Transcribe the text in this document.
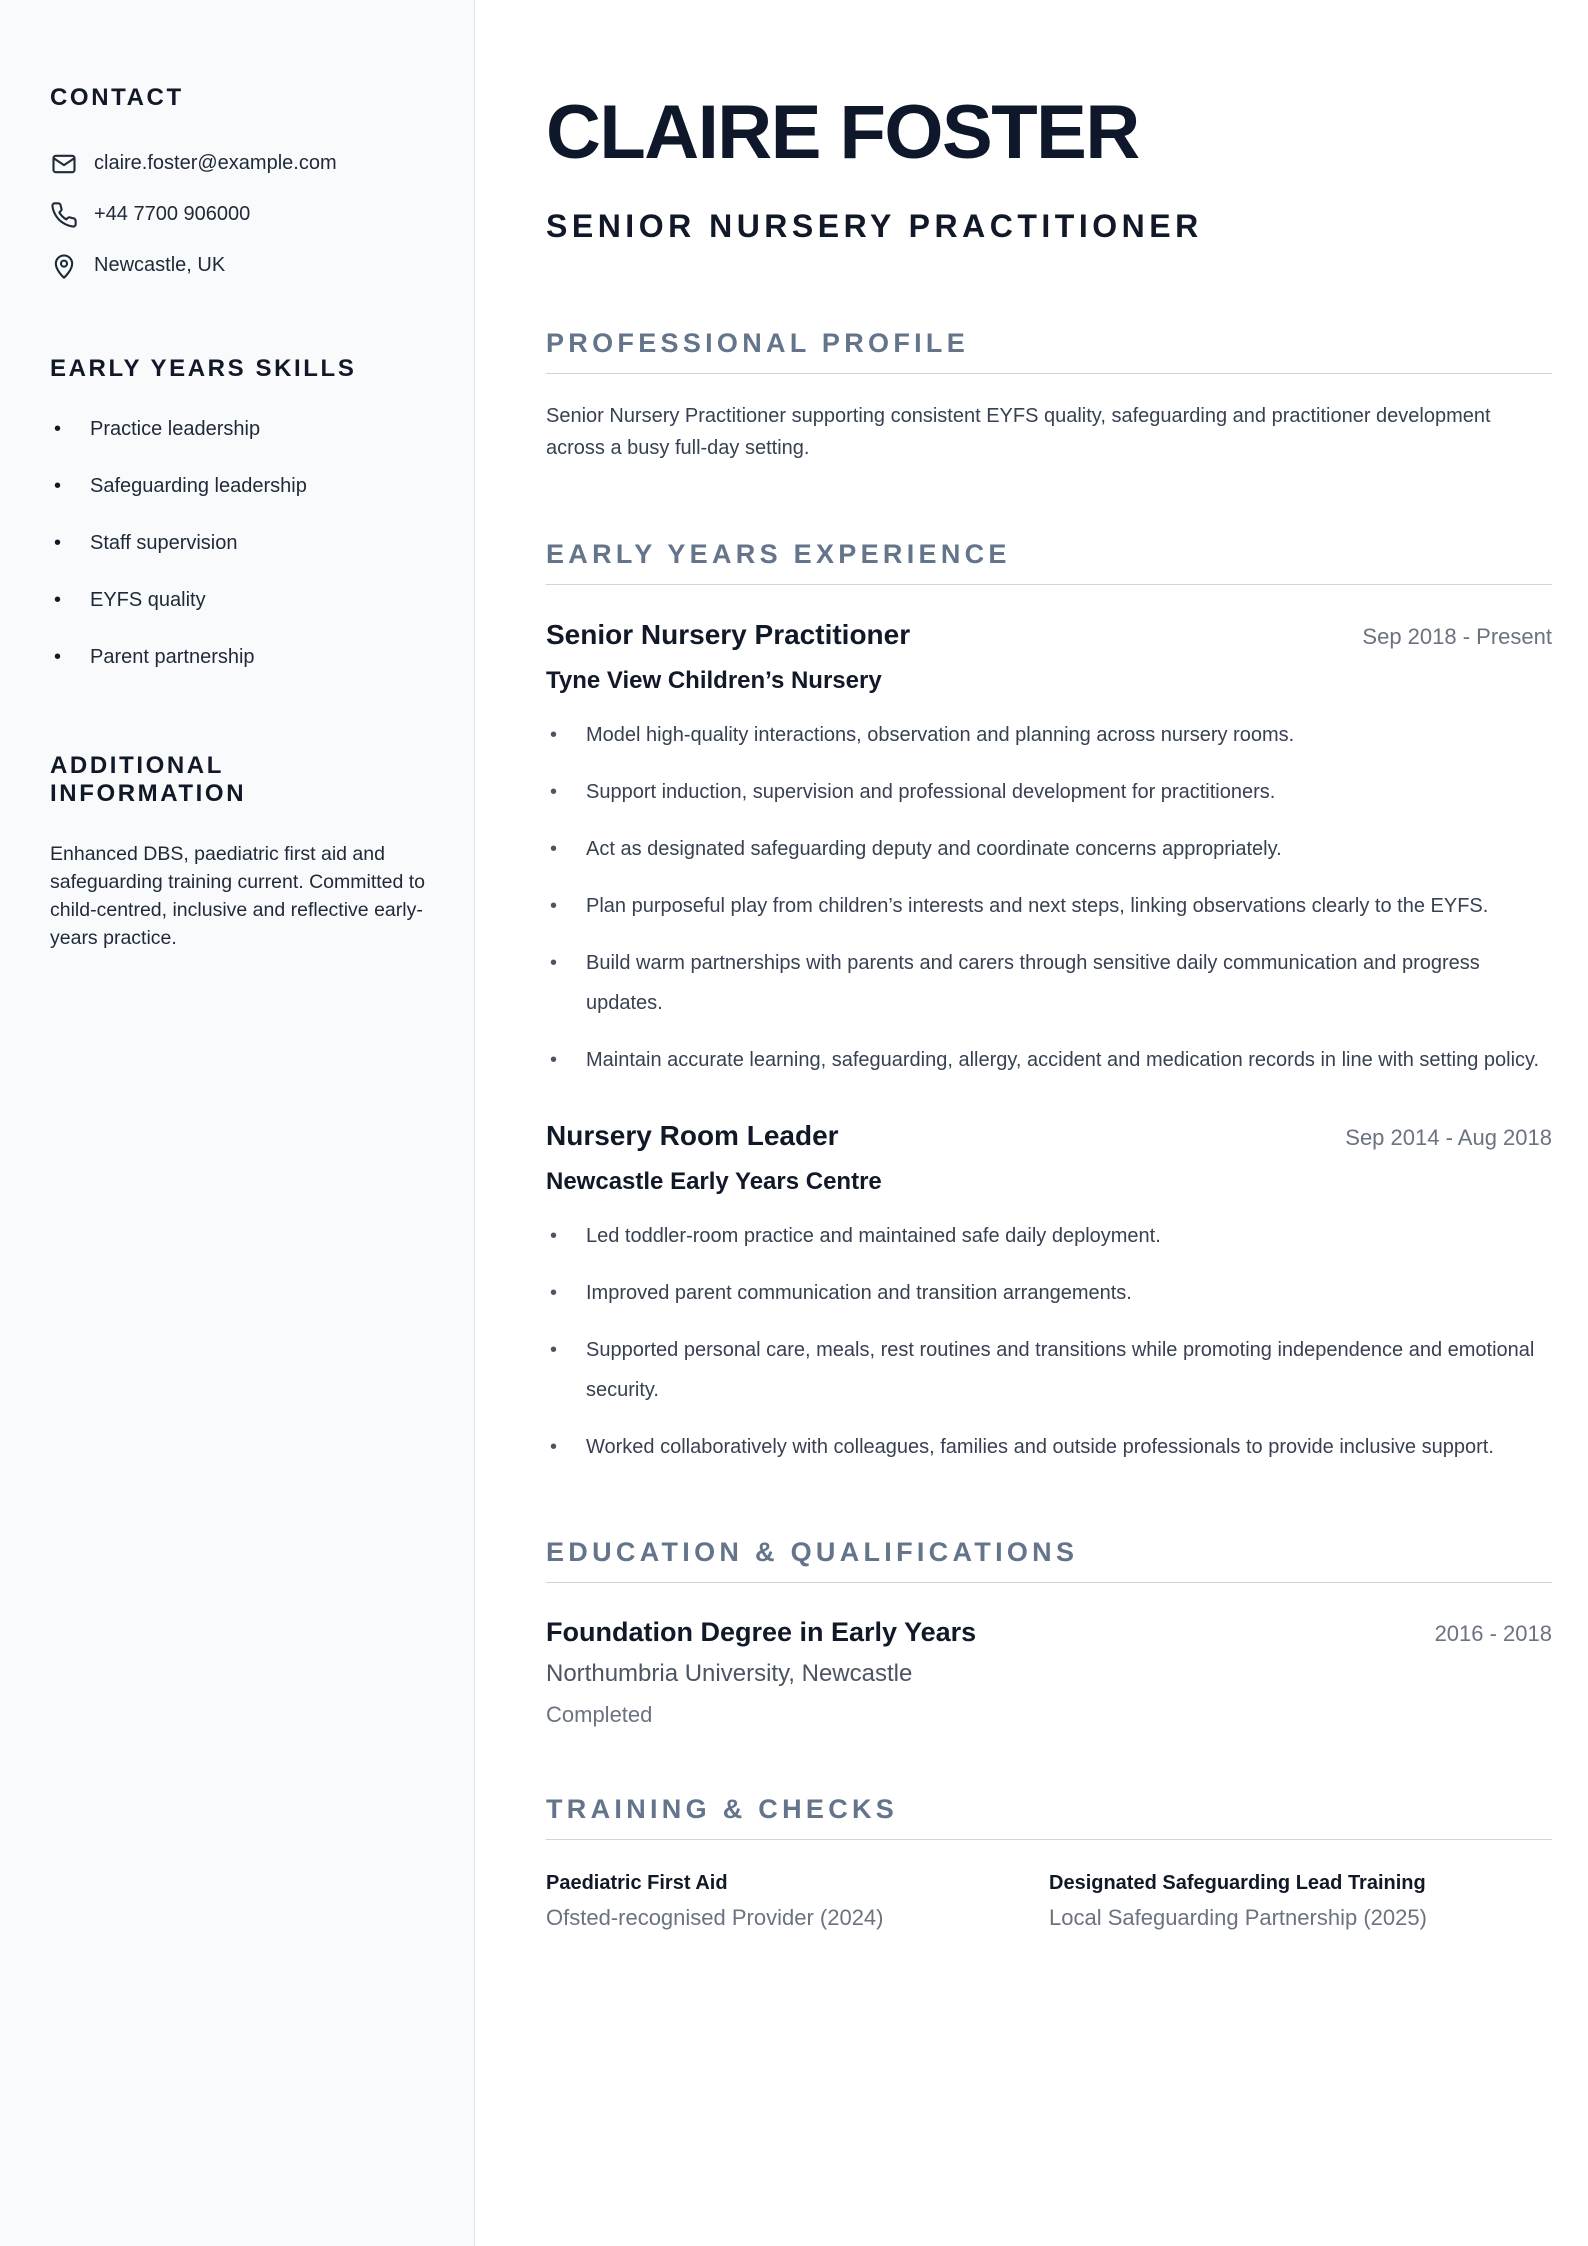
CONTACT
claire.foster@example.com
+44 7700 906000
Newcastle, UK
EARLY YEARS SKILLS
• Practice leadership
• Safeguarding leadership
• Staff supervision
• EYFS quality
• Parent partnership
ADDITIONAL INFORMATION

Enhanced DBS, paediatric first aid and safeguarding training current. Committed to child-centred, inclusive and reflective early-years practice.

CLAIRE FOSTER
SENIOR NURSERY PRACTITIONER
PROFESSIONAL PROFILE

Senior Nursery Practitioner supporting consistent EYFS quality, safeguarding and practitioner development across a busy full-day setting.

EARLY YEARS EXPERIENCE
Senior Nursery Practitioner	Sep 2018 - Present
Tyne View Children’s Nursery
• Model high-quality interactions, observation and planning across nursery rooms.
• Support induction, supervision and professional development for practitioners.
• Act as designated safeguarding deputy and coordinate concerns appropriately.
• Plan purposeful play from children’s interests and next steps, linking observations clearly to the EYFS.
• Build warm partnerships with parents and carers through sensitive daily communication and progress updates.
• Maintain accurate learning, safeguarding, allergy, accident and medication records in line with setting policy.
Nursery Room Leader	Sep 2014 - Aug 2018
Newcastle Early Years Centre
• Led toddler-room practice and maintained safe daily deployment.
• Improved parent communication and transition arrangements.
• Supported personal care, meals, rest routines and transitions while promoting independence and emotional security.
• Worked collaboratively with colleagues, families and outside professionals to provide inclusive support.
EDUCATION & QUALIFICATIONS
Foundation Degree in Early Years	2016 - 2018
Northumbria University, Newcastle
Completed
TRAINING & CHECKS
Paediatric First Aid
Ofsted-recognised Provider (2024)
Designated Safeguarding Lead Training
Local Safeguarding Partnership (2025)
